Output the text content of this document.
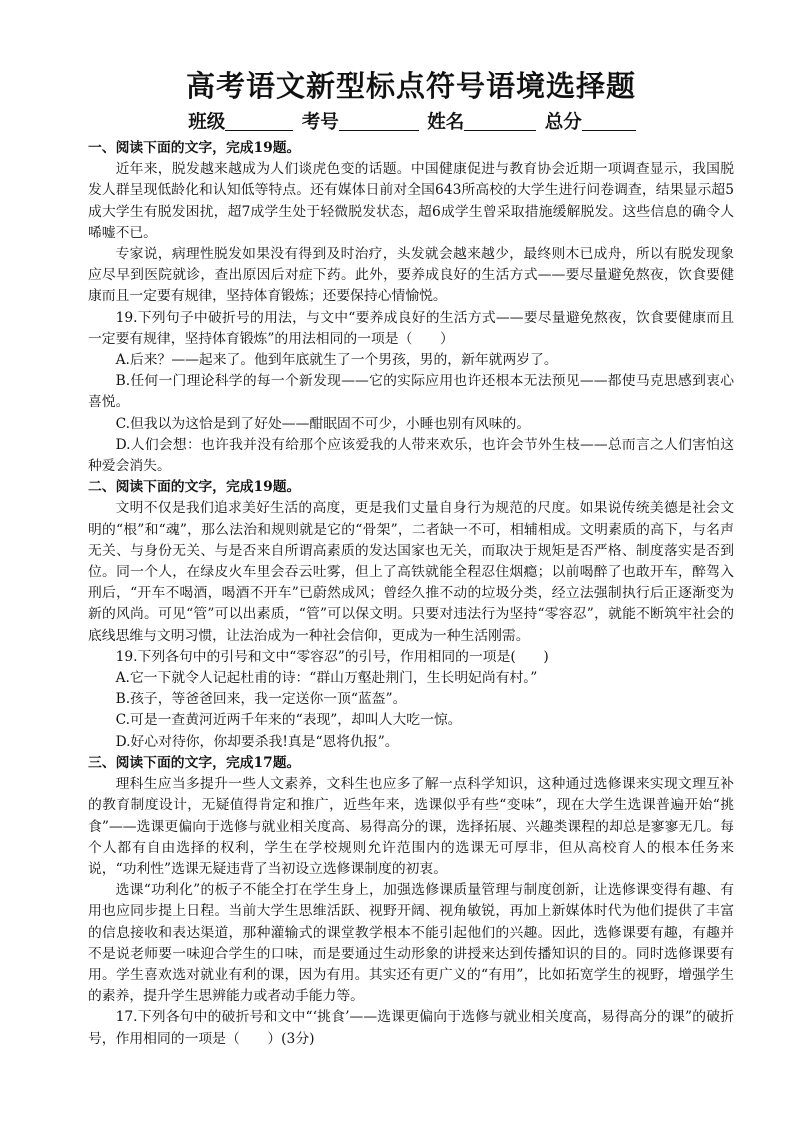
高考语文新型标点符号语境选择题
班级	考号	姓名	总分

一、阅读下面的文字，完成19题。

近年来，脱发越来越成为人们谈虎色变的话题。中国健康促进与教育协会近期一项调查显示，我国脱发人群呈现低龄化和认知低等特点。还有媒体日前对全国643所高校的大学生进行问卷调查，结果显示超5成大学生有脱发困扰，超7成学生处于轻微脱发状态，超6成学生曾采取措施缓解脱发。这些信息的确令人唏嘘不已。

专家说，病理性脱发如果没有得到及时治疗，头发就会越来越少，最终则木已成舟，所以有脱发现象应尽早到医院就诊，查出原因后对症下药。此外，要养成良好的生活方式——要尽量避免熬夜，饮食要健康而且一定要有规律，坚持体育锻炼；还要保持心情愉悦。

19.下列句子中破折号的用法，与文中“要养成良好的生活方式——要尽量避免熬夜，饮食要健康而且一定要有规律，坚持体育锻炼”的用法相同的一项是（　　）

A.后来？——起来了。他到年底就生了一个男孩，男的，新年就两岁了。

B.任何一门理论科学的每一个新发现——它的实际应用也许还根本无法预见——都使马克思感到衷心喜悦。

C.但我以为这恰是到了好处——酣眠固不可少，小睡也别有风味的。

D.人们会想：也许我并没有给那个应该爱我的人带来欢乐，也许会节外生枝——总而言之人们害怕这种爱会消失。

二、阅读下面的文字，完成19题。

文明不仅是我们追求美好生活的高度，更是我们丈量自身行为规范的尺度。如果说传统美德是社会文明的“根”和“魂”，那么法治和规则就是它的“骨架”，二者缺一不可，相辅相成。文明素质的高下，与名声无关、与身份无关、与是否来自所谓高素质的发达国家也无关，而取决于规矩是否严格、制度落实是否到位。同一个人，在绿皮火车里会吞云吐雾，但上了高铁就能全程忍住烟瘾；以前喝醉了也敢开车，醉驾入刑后，“开车不喝酒，喝酒不开车”已蔚然成风；曾经久推不动的垃圾分类，经立法强制执行后正逐渐变为新的风尚。可见“管”可以出素质，“管”可以保文明。只要对违法行为坚持“零容忍”，就能不断筑牢社会的底线思维与文明习惯，让法治成为一种社会信仰，更成为一种生活刚需。

19.下列各句中的引号和文中“零容忍”的引号，作用相同的一项是(　　)

A.它一下就令人记起杜甫的诗：“群山万壑赴荆门，生长明妃尚有村。”

B.孩子，等爸爸回来，我一定送你一顶“蓝盔”。

C.可是一查黄河近两千年来的“表现”，却叫人大吃一惊。

D.好心对待你，你却要杀我!真是“恩将仇报”。

三、阅读下面的文字，完成17题。

理科生应当多提升一些人文素养，文科生也应多了解一点科学知识，这种通过选修课来实现文理互补的教育制度设计，无疑值得肯定和推广，近些年来，选课似乎有些“变味”，现在大学生选课普遍开始“挑食”——选课更偏向于选修与就业相关度高、易得高分的课，选择拓展、兴趣类课程的却总是寥寥无几。每个人都有自由选择的权利，学生在学校规则允许范围内的选课无可厚非，但从高校育人的根本任务来说，“功利性”选课无疑违背了当初设立选修课制度的初衷。

选课“功利化”的板子不能全打在学生身上，加强选修课质量管理与制度创新，让选修课变得有趣、有用也应同步提上日程。当前大学生思维活跃、视野开阔、视角敏锐，再加上新媒体时代为他们提供了丰富的信息接收和表达渠道，那种灌输式的课堂教学根本不能引起他们的兴趣。因此，选修课要有趣，有趣并不是说老师要一味迎合学生的口味，而是要通过生动形象的讲授来达到传播知识的目的。同时选修课要有用。学生喜欢选对就业有利的课，因为有用。其实还有更广义的“有用”，比如拓宽学生的视野，增强学生的素养，提升学生思辨能力或者动手能力等。

17.下列各句中的破折号和文中“‘挑食’——选课更偏向于选修与就业相关度高，易得高分的课”的破折号，作用相同的一项是（　　）(3分)
